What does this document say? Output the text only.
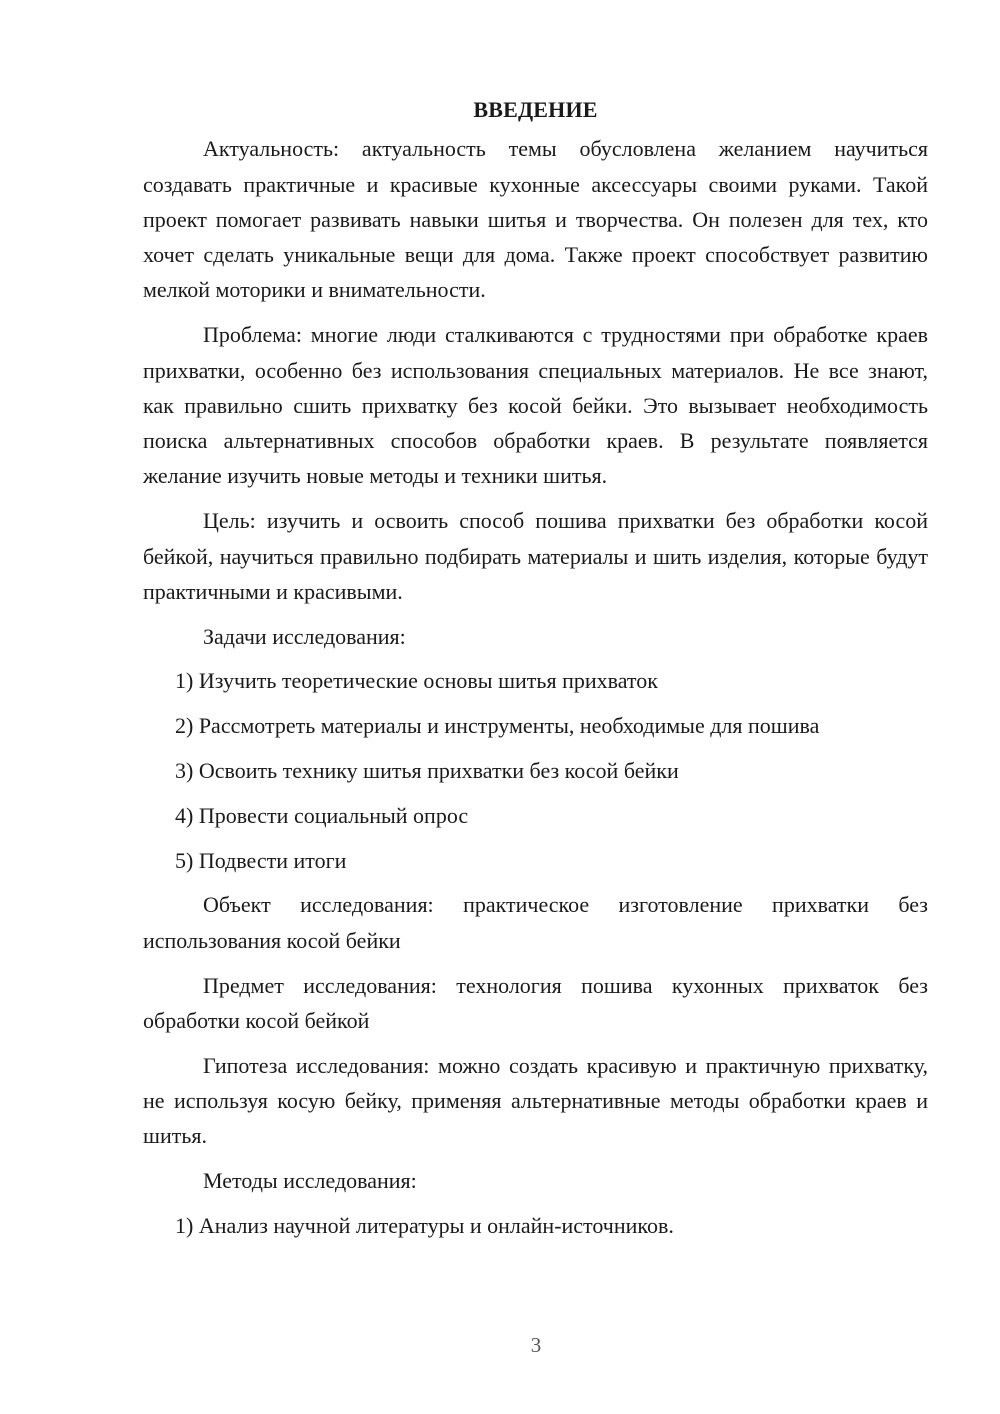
ВВЕДЕНИЕ

Актуальность: актуальность темы обусловлена желанием научиться создавать практичные и красивые кухонные аксессуары своими руками. Такой проект помогает развивать навыки шитья и творчества. Он полезен для тех, кто хочет сделать уникальные вещи для дома. Также проект способствует развитию мелкой моторики и внимательности.

Проблема: многие люди сталкиваются с трудностями при обработке краев прихватки, особенно без использования специальных материалов. Не все знают, как правильно сшить прихватку без косой бейки. Это вызывает необходимость поиска альтернативных способов обработки краев. В результате появляется желание изучить новые методы и техники шитья.

Цель: изучить и освоить способ пошива прихватки без обработки косой бейкой, научиться правильно подбирать материалы и шить изделия, которые будут практичными и красивыми.

Задачи исследования:

1) Изучить теоретические основы шитья прихваток
2) Рассмотреть материалы и инструменты, необходимые для пошива
3) Освоить технику шитья прихватки без косой бейки
4) Провести социальный опрос
5) Подвести итоги

Объект исследования: практическое изготовление прихватки без использования косой бейки

Предмет исследования: технология пошива кухонных прихваток без обработки косой бейкой

Гипотеза исследования: можно создать красивую и практичную прихватку, не используя косую бейку, применяя альтернативные методы обработки краев и шитья.

Методы исследования:

1) Анализ научной литературы и онлайн-источников.
3
